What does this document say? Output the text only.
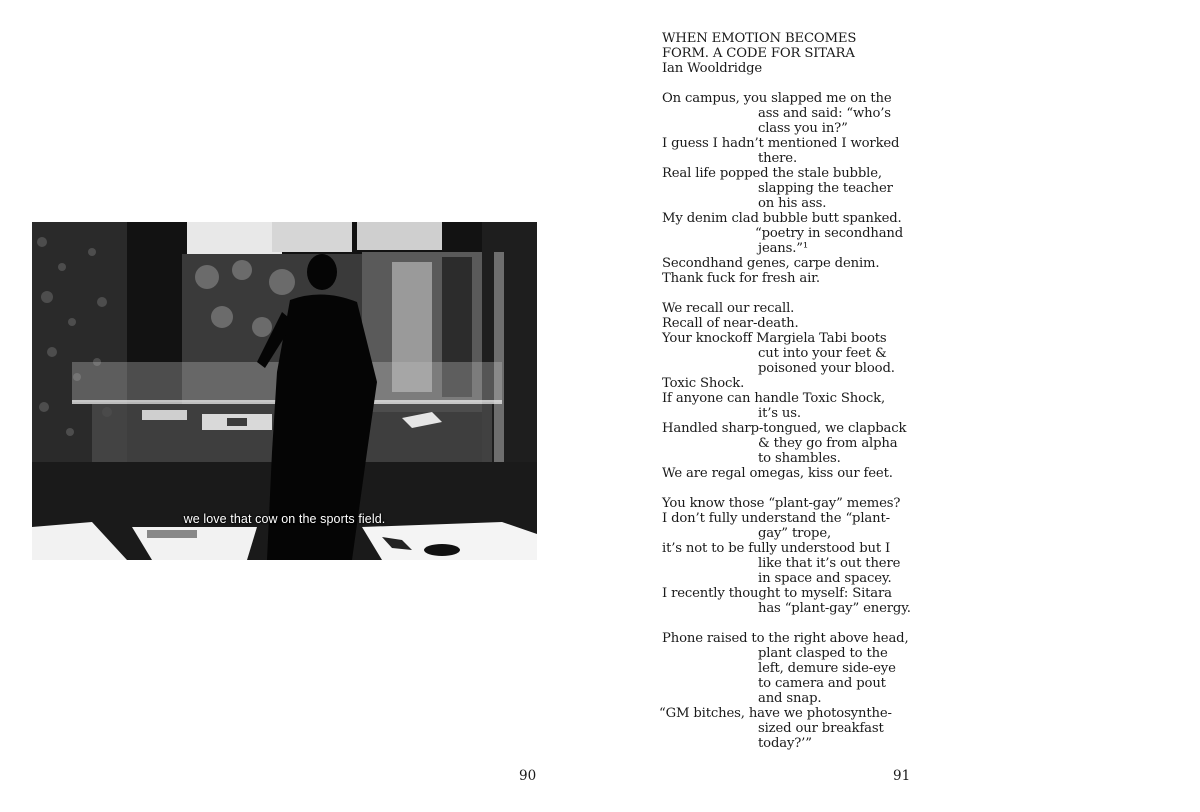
we love that cow on the sports field.
90
WHEN EMOTION BECOMES
FORM. A CODE FOR SITARA
Ian Wooldridge
On campus, you slapped me on the
ass and said: “who’s
class you in?”
I guess I hadn’t mentioned I worked
there.
Real life popped the stale bubble,
slapping the teacher
on his ass.
My denim clad bubble butt spanked.
“poetry in secondhand
jeans.”¹
Secondhand genes, carpe denim.
Thank fuck for fresh air.
We recall our recall.
Recall of near-death.
Your knockoff Margiela Tabi boots
cut into your feet &
poisoned your blood.
Toxic Shock.
If anyone can handle Toxic Shock,
it’s us.
Handled sharp-tongued, we clapback
& they go from alpha
to shambles.
We are regal omegas, kiss our feet.
You know those “plant-gay” memes?
I don’t fully understand the “plant-
gay” trope,
it’s not to be fully understood but I
like that it’s out there
in space and spacey.
I recently thought to myself: Sitara
has “plant-gay” energy.
Phone raised to the right above head,
plant clasped to the
left, demure side-eye
to camera and pout
and snap.
“GM bitches, have we photosynthe-
sized our breakfast
today?’”
91
